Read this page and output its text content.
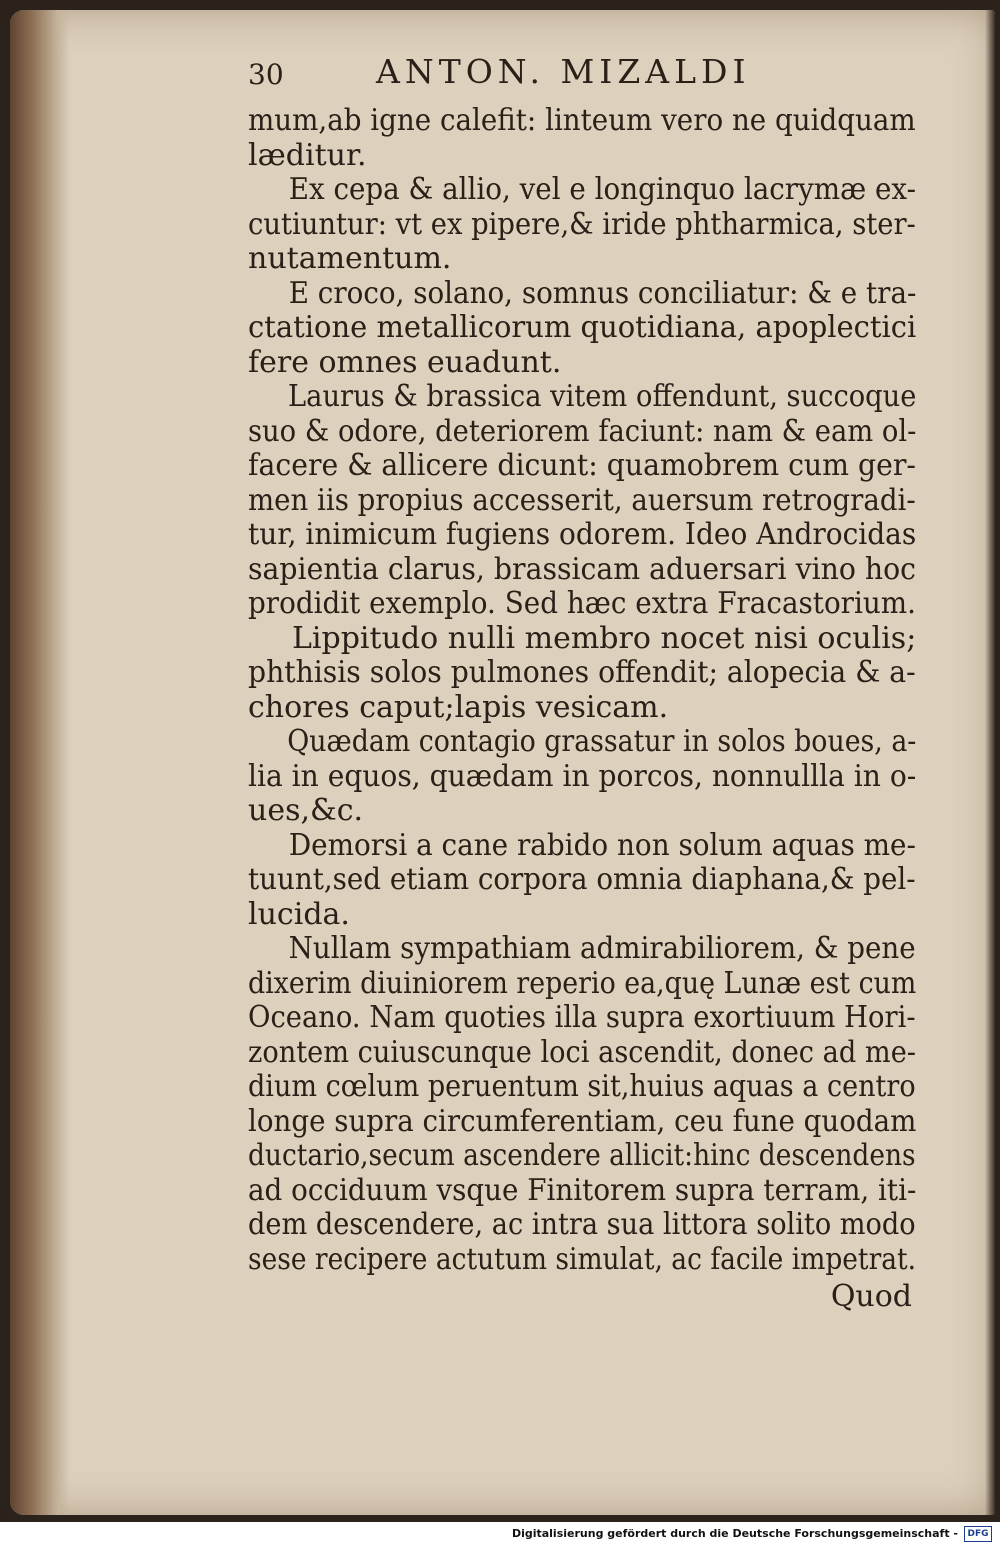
30	ANTON. MIZALDI
mum,ab igne calefit: linteum vero ne quidquam
læditur.
Ex cepa & allio, vel e longinquo lacrymæ ex-
cutiuntur: vt ex pipere,& iride phtharmica, ster-
nutamentum.
E croco, solano, somnus conciliatur: & e tra-
ctatione metallicorum quotidiana, apoplectici
fere omnes euadunt.
Laurus & brassica vitem offendunt, succoque
suo & odore, deteriorem faciunt: nam & eam ol-
facere & allicere dicunt: quamobrem cum ger-
men iis propius accesserit, auersum retrogradi-
tur, inimicum fugiens odorem. Ideo Androcidas
sapientia clarus, brassicam aduersari vino hoc
prodidit exemplo. Sed hæc extra Fracastorium.
Lippitudo nulli membro nocet nisi oculis;
phthisis solos pulmones offendit; alopecia & a-
chores caput;lapis vesicam.
Quædam contagio grassatur in solos boues, a-
lia in equos, quædam in porcos, nonnullla in o-
ues,&c.
Demorsi a cane rabido non solum aquas me-
tuunt,sed etiam corpora omnia diaphana,& pel-
lucida.
Nullam sympathiam admirabiliorem, & pene
dixerim diuiniorem reperio ea,quę Lunæ est cum
Oceano. Nam quoties illa supra exortiuum Hori-
zontem cuiuscunque loci ascendit, donec ad me-
dium cœlum peruentum sit,huius aquas a centro
longe supra circumferentiam, ceu fune quodam
ductario,secum ascendere allicit:hinc descendens
ad occiduum vsque Finitorem supra terram, iti-
dem descendere, ac intra sua littora solito modo
sese recipere actutum simulat, ac facile impetrat.
Quod
Digitalisierung gefördert durch die Deutsche Forschungsgemeinschaft -	DFG
